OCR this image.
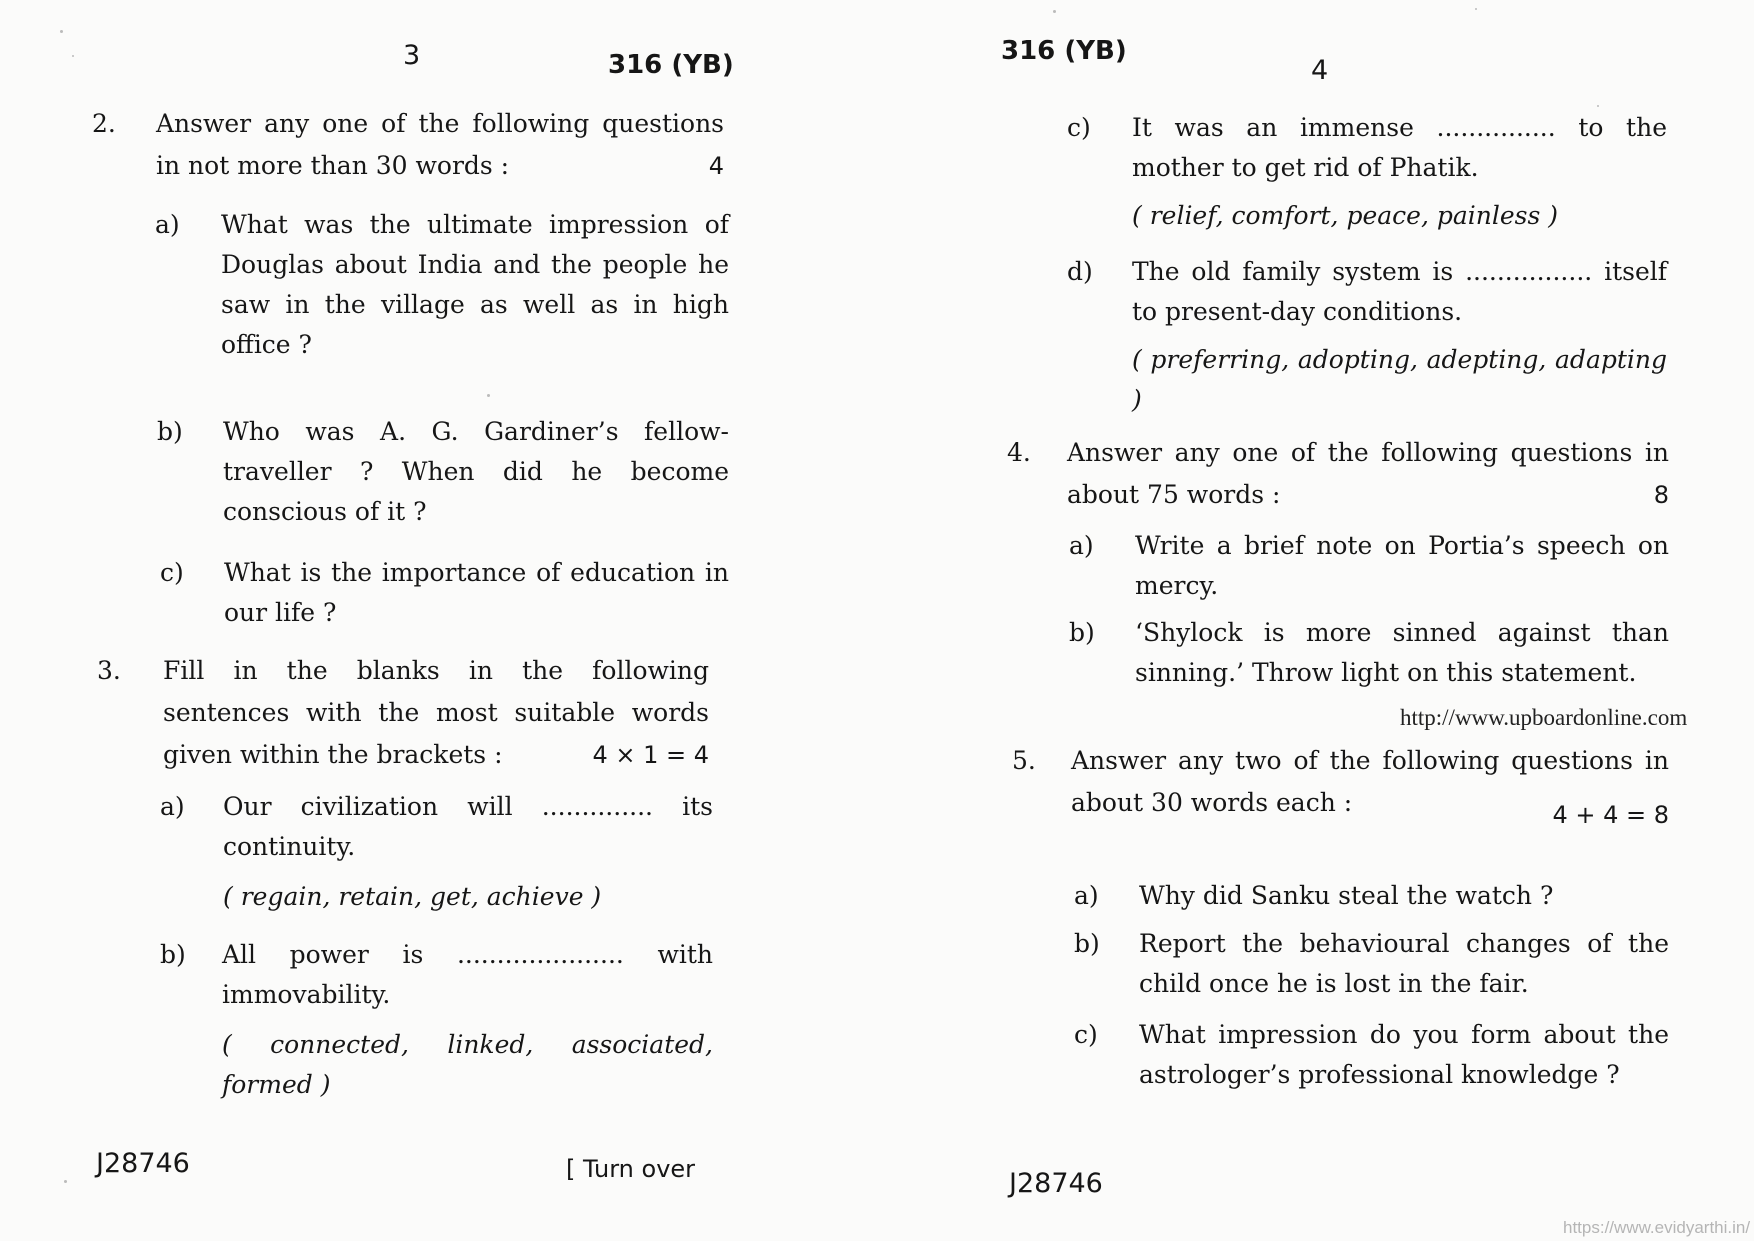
3	316 (YB)
2. Answer any one of the following questions in not more than 30 words :	4
a) What was the ultimate impression of Douglas about India and the people he saw in the village as well as in high office ?
b) Who was A. G. Gardiner’s fellow-traveller ? When did he become conscious of it ?
c) What is the importance of education in our life ?
3. Fill in the blanks in the following sentences with the most suitable words given within the brackets :	4 × 1 = 4
a) Our civilization will .............. its continuity.
( regain, retain, get, achieve )
b) All power is ..................... with immovability.
( connected, linked, associated, formed )
J28746	[ Turn over
316 (YB)
4
c) It was an immense ............... to the mother to get rid of Phatik.
( relief, comfort, peace, painless )
d) The old family system is ................ itself to present-day conditions.
( preferring, adopting, adepting, adapting )
4. Answer any one of the following questions in about 75 words :	8
a) Write a brief note on Portia’s speech on mercy.
b) ‘Shylock is more sinned against than sinning.’ Throw light on this statement.
http://www.upboardonline.com
5. Answer any two of the following questions in about 30 words each :	4 + 4 = 8
a) Why did Sanku steal the watch ?
b) Report the behavioural changes of the child once he is lost in the fair.
c) What impression do you form about the astrologer’s professional knowledge ?
J28746
https://www.evidyarthi.in/
